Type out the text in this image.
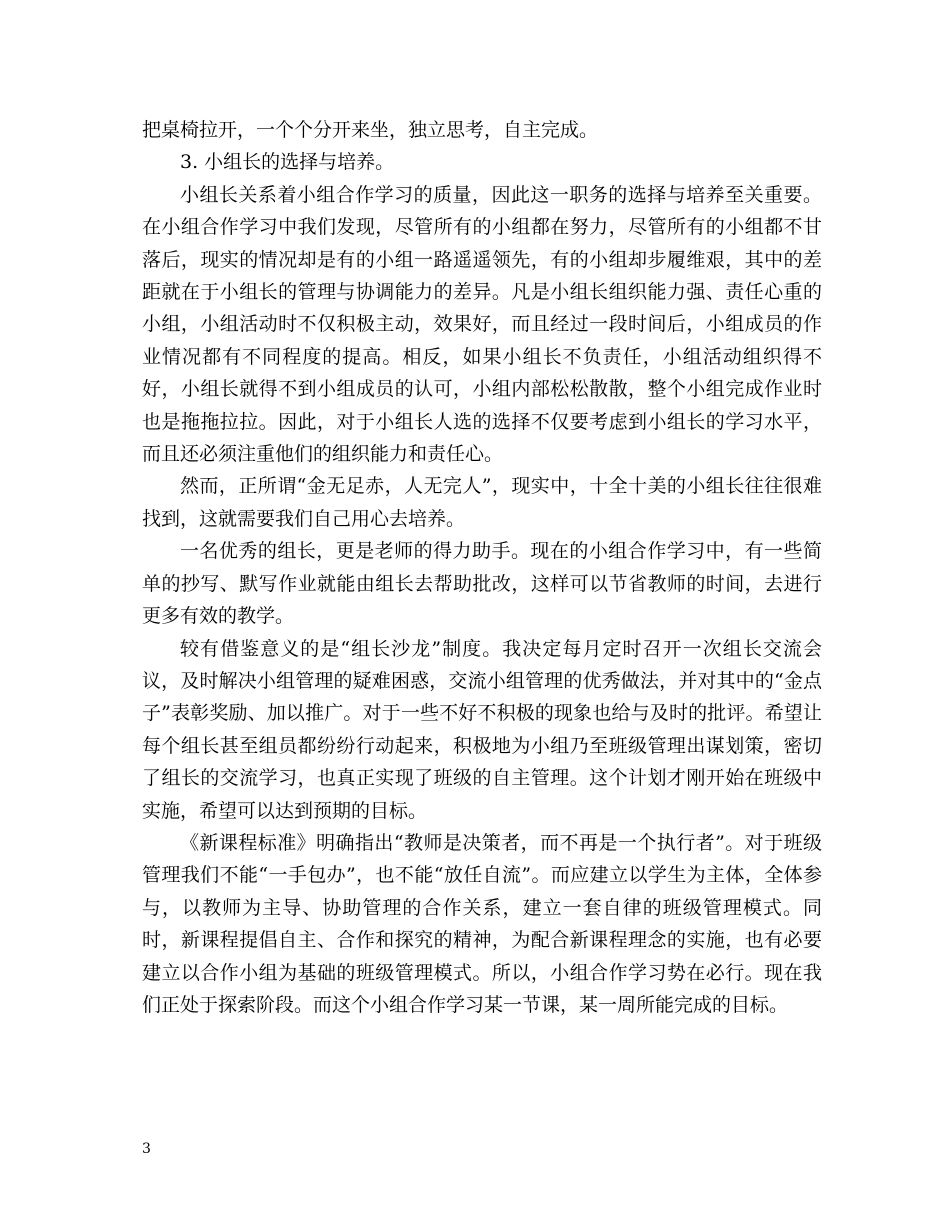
把桌椅拉开，一个个分开来坐，独立思考，自主完成。

3. 小组长的选择与培养。

小组长关系着小组合作学习的质量，因此这一职务的选择与培养至关重要。在小组合作学习中我们发现，尽管所有的小组都在努力，尽管所有的小组都不甘落后，现实的情况却是有的小组一路遥遥领先，有的小组却步履维艰，其中的差距就在于小组长的管理与协调能力的差异。凡是小组长组织能力强、责任心重的小组，小组活动时不仅积极主动，效果好，而且经过一段时间后，小组成员的作业情况都有不同程度的提高。相反，如果小组长不负责任，小组活动组织得不好，小组长就得不到小组成员的认可，小组内部松松散散，整个小组完成作业时也是拖拖拉拉。因此，对于小组长人选的选择不仅要考虑到小组长的学习水平，而且还必须注重他们的组织能力和责任心。

然而，正所谓“金无足赤，人无完人”，现实中，十全十美的小组长往往很难找到，这就需要我们自己用心去培养。

一名优秀的组长，更是老师的得力助手。现在的小组合作学习中，有一些简单的抄写、默写作业就能由组长去帮助批改，这样可以节省教师的时间，去进行更多有效的教学。

较有借鉴意义的是“组长沙龙”制度。我决定每月定时召开一次组长交流会议，及时解决小组管理的疑难困惑，交流小组管理的优秀做法，并对其中的“金点子”表彰奖励、加以推广。对于一些不好不积极的现象也给与及时的批评。希望让每个组长甚至组员都纷纷行动起来，积极地为小组乃至班级管理出谋划策，密切了组长的交流学习，也真正实现了班级的自主管理。这个计划才刚开始在班级中实施，希望可以达到预期的目标。

《新课程标准》明确指出“教师是决策者，而不再是一个执行者”。对于班级管理我们不能“一手包办”，也不能“放任自流”。而应建立以学生为主体，全体参与，以教师为主导、协助管理的合作关系，建立一套自律的班级管理模式。同时，新课程提倡自主、合作和探究的精神，为配合新课程理念的实施，也有必要建立以合作小组为基础的班级管理模式。所以，小组合作学习势在必行。现在我们正处于探索阶段。而这个小组合作学习某一节课，某一周所能完成的目标。

3
